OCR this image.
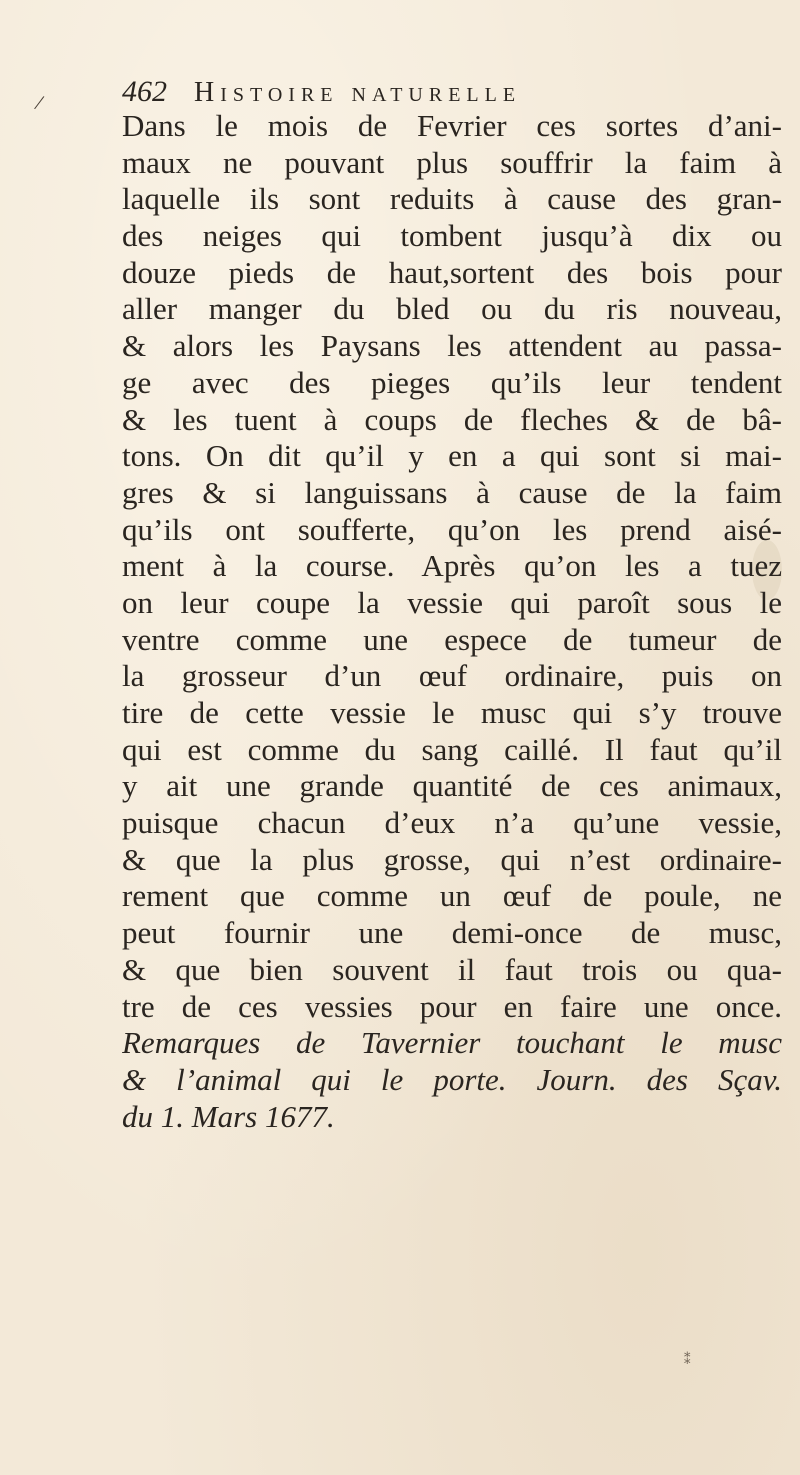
/	462 Histoire naturelle
Dans le mois de Fevrier ces sortes d’ani-
maux ne pouvant plus souffrir la faim à
laquelle ils sont reduits à cause des gran-
des neiges qui tombent jusqu’à dix ou
douze pieds de haut,sortent des bois pour
aller manger du bled ou du ris nouveau,
& alors les Paysans les attendent au passa-
ge avec des pieges qu’ils leur tendent
& les tuent à coups de fleches & de bâ-
tons. On dit qu’il y en a qui sont si mai-
gres & si languissans à cause de la faim
qu’ils ont soufferte, qu’on les prend aisé-
ment à la course. Après qu’on les a tuez
on leur coupe la vessie qui paroît sous le
ventre comme une espece de tumeur de
la grosseur d’un œuf ordinaire, puis on
tire de cette vessie le musc qui s’y trouve
qui est comme du sang caillé. Il faut qu’il
y ait une grande quantité de ces animaux,
puisque chacun d’eux n’a qu’une vessie,
& que la plus grosse, qui n’est ordinaire-
rement que comme un œuf de poule, ne
peut fournir une demi-once de musc,
& que bien souvent il faut trois ou qua-
tre de ces vessies pour en faire une once.
Remarques de Tavernier touchant le musc
& l’animal qui le porte. Journ. des Sçav.
du 1. Mars 1677.
⁑
